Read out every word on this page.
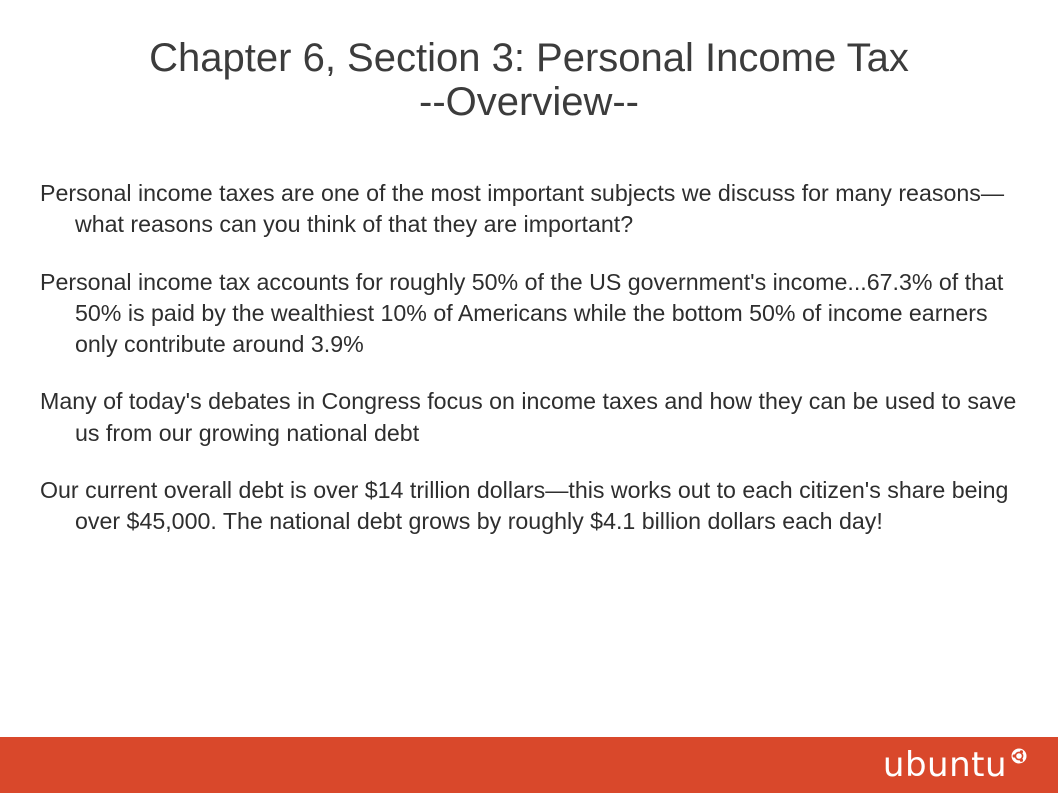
Chapter 6, Section 3: Personal Income Tax
--Overview--

Personal income taxes are one of the most important subjects we discuss for many reasons—what reasons can you think of that they are important?

Personal income tax accounts for roughly 50% of the US government's income...67.3% of that 50% is paid by the wealthiest 10% of Americans while the bottom 50% of income earners only contribute around 3.9%

Many of today's debates in Congress focus on income taxes and how they can be used to save us from our growing national debt

Our current overall debt is over $14 trillion dollars—this works out to each citizen's share being over $45,000. The national debt grows by roughly $4.1 billion dollars each day!

ubuntu
